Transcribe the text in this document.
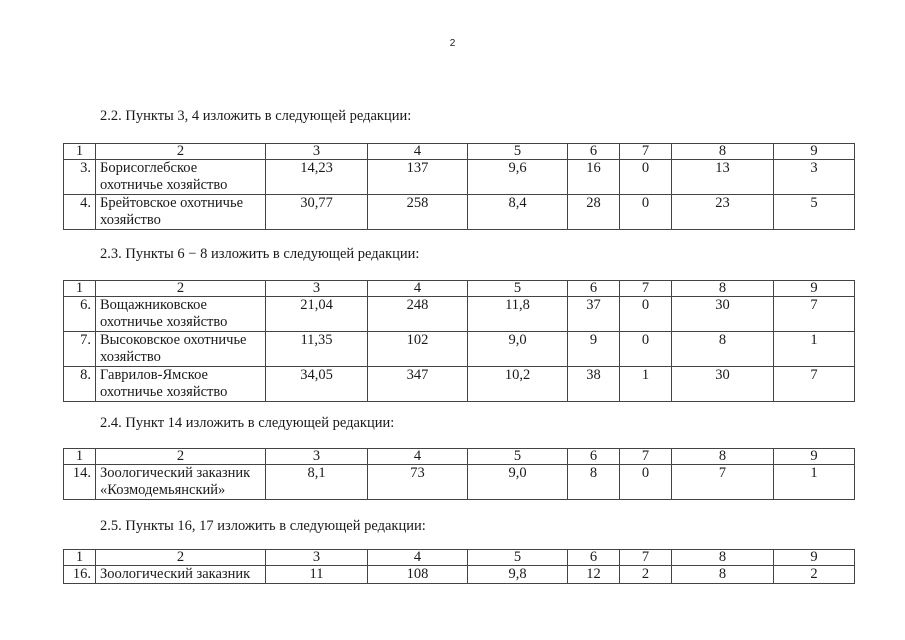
2
2.2. Пункты 3, 4 изложить в следующей редакции:
1	2	3	4	5	6	7	8	9
3.	Борисоглебское охотничье хозяйство	14,23	137	9,6	16	0	13	3
4.	Брейтовское охотничье хозяйство	30,77	258	8,4	28	0	23	5
2.3. Пункты 6 − 8 изложить в следующей редакции:
1	2	3	4	5	6	7	8	9
6.	Вощажниковское охотничье хозяйство	21,04	248	11,8	37	0	30	7
7.	Высоковское охотничье хозяйство	11,35	102	9,0	9	0	8	1
8.	Гаврилов-Ямское охотничье хозяйство	34,05	347	10,2	38	1	30	7
2.4. Пункт 14 изложить в следующей редакции:
1	2	3	4	5	6	7	8	9
14.	Зоологический заказник «Козмодемьянский»	8,1	73	9,0	8	0	7	1
2.5. Пункты 16, 17 изложить в следующей редакции:
1	2	3	4	5	6	7	8	9
16.	Зоологический заказник	11	108	9,8	12	2	8	2
